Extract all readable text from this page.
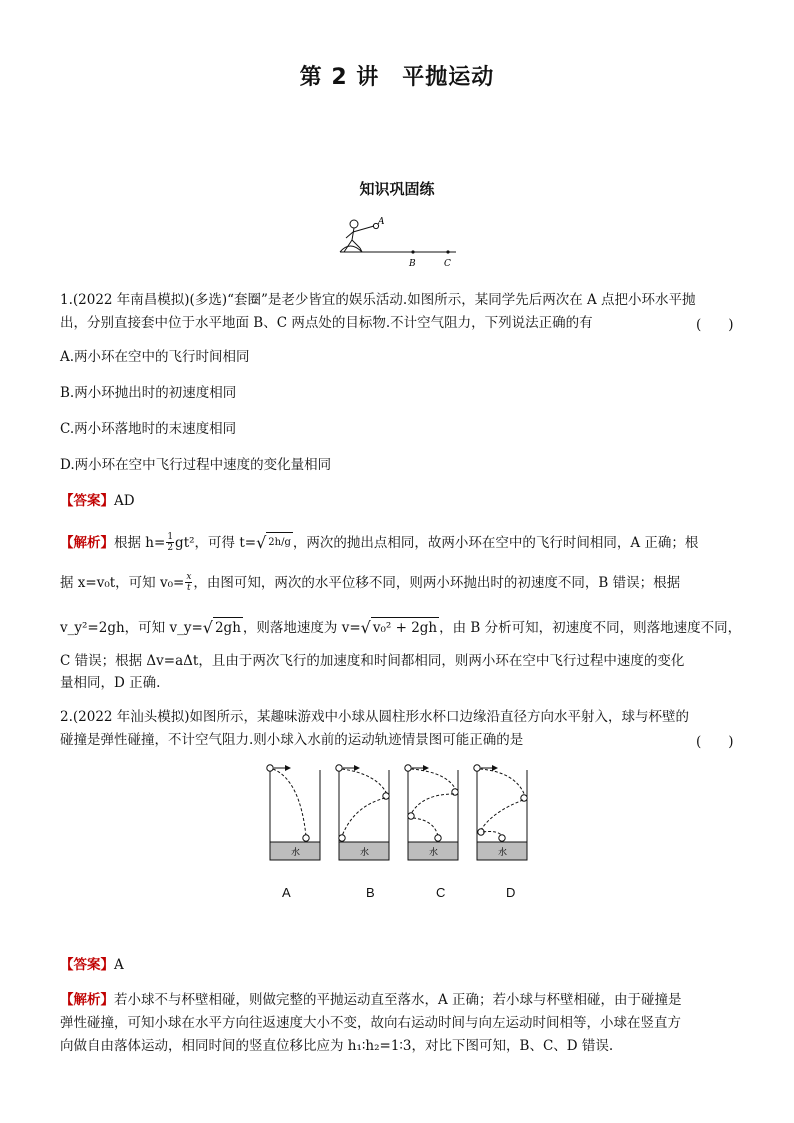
第 2 讲　平抛运动
知识巩固练
A
B	C
1.(2022 年南昌模拟)(多选)“套圈”是老少皆宜的娱乐活动.如图所示，某同学先后两次在 A 点把小环水平抛
出，分别直接套中位于水平地面 B、C 两点处的目标物.不计空气阻力，下列说法正确的有	(　　)
A.两小环在空中的飞行时间相同
B.两小环抛出时的初速度相同
C.两小环落地时的末速度相同
D.两小环在空中飞行过程中速度的变化量相同
【答案】AD
【解析】 根据 $h= \frac{1}{2} gt^2$，可得 t= √ 2h/g ，两次的抛出点相同，故两小环在空中的飞行时间相同，A 正确；根
据 x=v₀t，可知 $v_0= \frac{x}{t}$ ，由图可知，两次的水平位移不同，则两小环抛出时的初速度不同，B 错误；根据
v_y²=2gh，可知 v_y= √ 2gh ，则落地速度为 v= √ v₀² + 2gh ，由 B 分析可知，初速度不同，则落地速度不同，
C 错误；根据 Δv=aΔt，且由于两次飞行的加速度和时间都相同，则两小环在空中飞行过程中速度的变化
量相同，D 正确.
2.(2022 年汕头模拟)如图所示，某趣味游戏中小球从圆柱形水杯口边缘沿直径方向水平射入，球与杯壁的
碰撞是弹性碰撞，不计空气阻力.则小球入水前的运动轨迹情景图可能正确的是	(　　)
水	水	水	水
A	B	C	D
【答案】A
【解析】若小球不与杯壁相碰，则做完整的平抛运动直至落水，A 正确；若小球与杯壁相碰，由于碰撞是
弹性碰撞，可知小球在水平方向往返速度大小不变，故向右运动时间与向左运动时间相等，小球在竖直方
向做自由落体运动，相同时间的竖直位移比应为 h₁∶h₂=1∶3，对比下图可知，B、C、D 错误.
